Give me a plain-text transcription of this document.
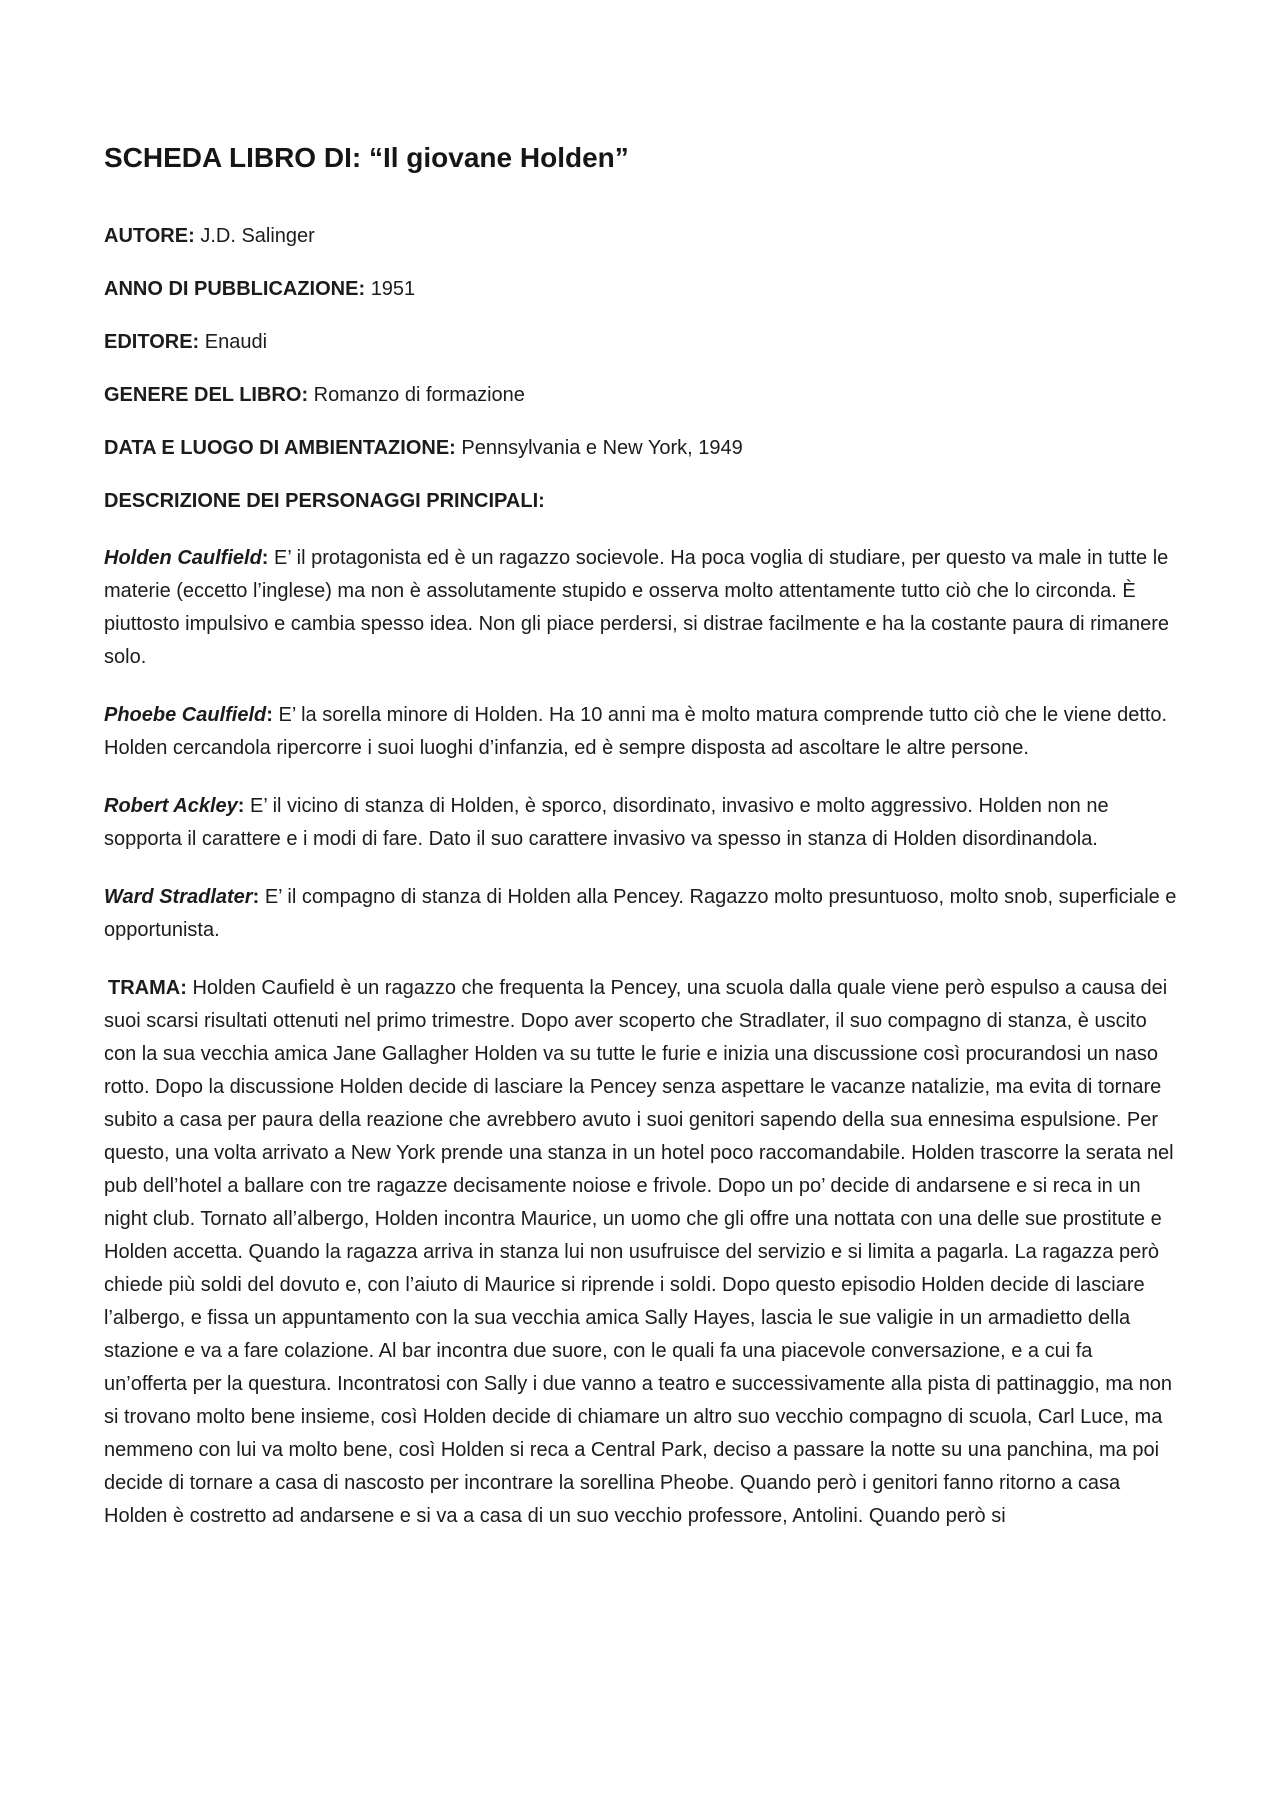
SCHEDA LIBRO DI: “Il giovane Holden”

AUTORE: J.D. Salinger

ANNO DI PUBBLICAZIONE: 1951

EDITORE: Enaudi

GENERE DEL LIBRO: Romanzo di formazione

DATA E LUOGO DI AMBIENTAZIONE: Pennsylvania e New York, 1949

DESCRIZIONE DEI PERSONAGGI PRINCIPALI:

Holden Caulfield: E’ il protagonista ed è un ragazzo socievole. Ha poca voglia di studiare, per questo va male in tutte le materie (eccetto l’inglese) ma non è assolutamente stupido e osserva molto attentamente tutto ciò che lo circonda. È piuttosto impulsivo e cambia spesso idea. Non gli piace perdersi, si distrae facilmente e ha la costante paura di rimanere solo.

Phoebe Caulfield: E’ la sorella minore di Holden. Ha 10 anni ma è molto matura comprende tutto ciò che le viene detto. Holden cercandola ripercorre i suoi luoghi d’infanzia, ed è sempre disposta ad ascoltare le altre persone.

Robert Ackley: E’ il vicino di stanza di Holden, è sporco, disordinato, invasivo e molto aggressivo. Holden non ne sopporta il carattere e i modi di fare. Dato il suo carattere invasivo va spesso in stanza di Holden disordinandola.

Ward Stradlater: E’ il compagno di stanza di Holden alla Pencey. Ragazzo molto presuntuoso, molto snob, superficiale e opportunista.

TRAMA: Holden Caufield è un ragazzo che frequenta la Pencey, una scuola dalla quale viene però espulso a causa dei suoi scarsi risultati ottenuti nel primo trimestre. Dopo aver scoperto che Stradlater, il suo compagno di stanza, è uscito con la sua vecchia amica Jane Gallagher Holden va su tutte le furie e inizia una discussione così procurandosi un naso rotto. Dopo la discussione Holden decide di lasciare la Pencey senza aspettare le vacanze natalizie, ma evita di tornare subito a casa per paura della reazione che avrebbero avuto i suoi genitori sapendo della sua ennesima espulsione. Per questo, una volta arrivato a New York prende una stanza in un hotel poco raccomandabile. Holden trascorre la serata nel pub dell’hotel a ballare con tre ragazze decisamente noiose e frivole. Dopo un po’ decide di andarsene e si reca in un night club. Tornato all’albergo, Holden incontra Maurice, un uomo che gli offre una nottata con una delle sue prostitute e Holden accetta. Quando la ragazza arriva in stanza lui non usufruisce del servizio e si limita a pagarla. La ragazza però chiede più soldi del dovuto e, con l’aiuto di Maurice si riprende i soldi. Dopo questo episodio Holden decide di lasciare l’albergo, e fissa un appuntamento con la sua vecchia amica Sally Hayes, lascia le sue valigie in un armadietto della stazione e va a fare colazione. Al bar incontra due suore, con le quali fa una piacevole conversazione, e a cui fa un’offerta per la questura. Incontratosi con Sally i due vanno a teatro e successivamente alla pista di pattinaggio, ma non si trovano molto bene insieme, così Holden decide di chiamare un altro suo vecchio compagno di scuola, Carl Luce, ma nemmeno con lui va molto bene, così Holden si reca a Central Park, deciso a passare la notte su una panchina, ma poi decide di tornare a casa di nascosto per incontrare la sorellina Pheobe. Quando però i genitori fanno ritorno a casa Holden è costretto ad andarsene e si va a casa di un suo vecchio professore, Antolini. Quando però si
